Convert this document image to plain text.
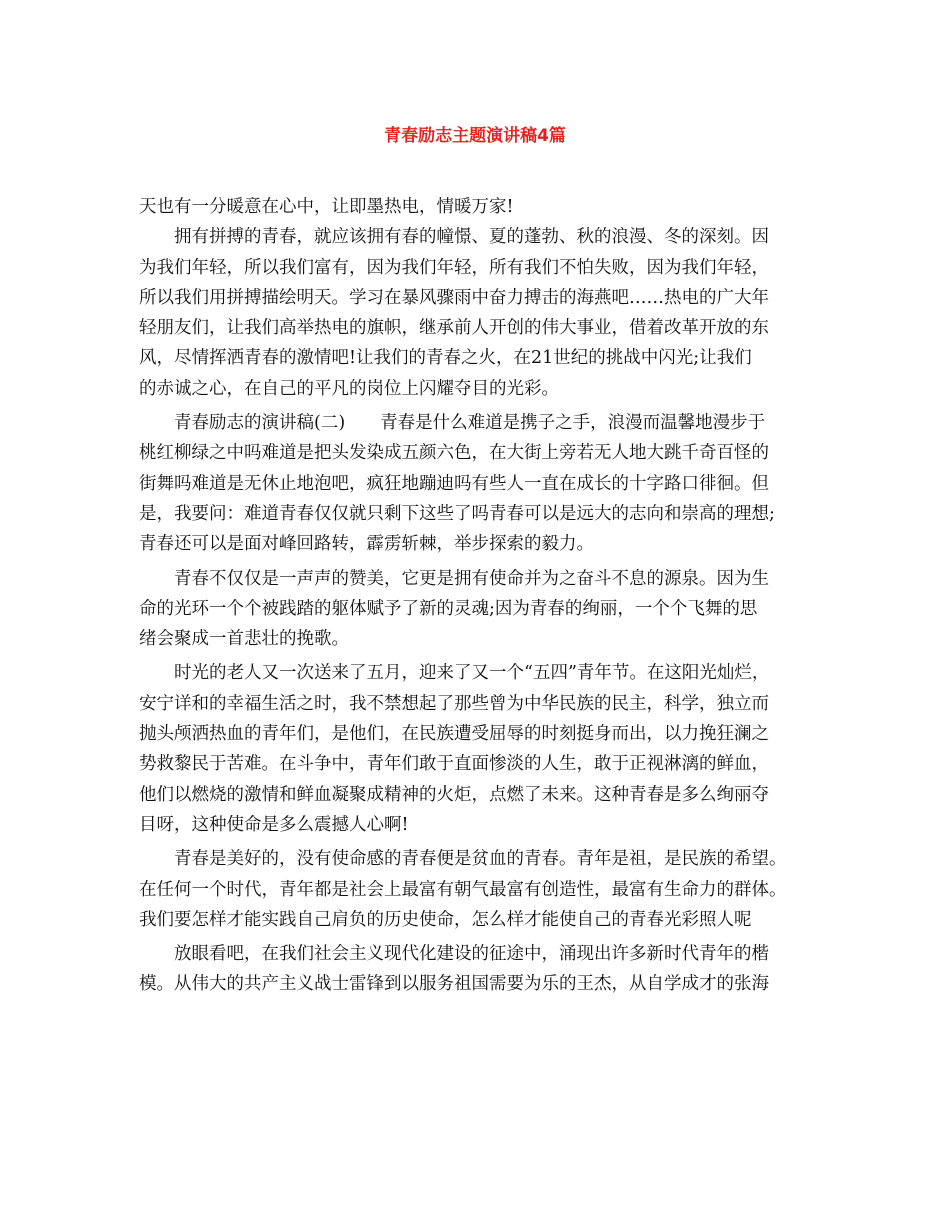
青春励志主题演讲稿4篇
天也有一分暖意在心中，让即墨热电，情暖万家!
拥有拼搏的青春，就应该拥有春的幢憬、夏的蓬勃、秋的浪漫、冬的深刻。因
为我们年轻，所以我们富有，因为我们年轻，所有我们不怕失败，因为我们年轻，
所以我们用拼搏描绘明天。学习在暴风骤雨中奋力搏击的海燕吧……热电的广大年
轻朋友们，让我们高举热电的旗帜，继承前人开创的伟大事业，借着改革开放的东
风，尽情挥洒青春的激情吧!让我们的青春之火，在21世纪的挑战中闪光;让我们
的赤诚之心，在自己的平凡的岗位上闪耀夺目的光彩。
青春励志的演讲稿(二)　　青春是什么难道是携子之手，浪漫而温馨地漫步于
桃红柳绿之中吗难道是把头发染成五颜六色，在大街上旁若无人地大跳千奇百怪的
街舞吗难道是无休止地泡吧，疯狂地蹦迪吗有些人一直在成长的十字路口徘徊。但
是，我要问：难道青春仅仅就只剩下这些了吗青春可以是远大的志向和崇高的理想;
青春还可以是面对峰回路转，霹雳斩棘，举步探索的毅力。
青春不仅仅是一声声的赞美，它更是拥有使命并为之奋斗不息的源泉。因为生
命的光环一个个被践踏的躯体赋予了新的灵魂;因为青春的绚丽，一个个飞舞的思
绪会聚成一首悲壮的挽歌。
时光的老人又一次送来了五月，迎来了又一个“五四”青年节。在这阳光灿烂，
安宁详和的幸福生活之时，我不禁想起了那些曾为中华民族的民主，科学，独立而
抛头颅洒热血的青年们，是他们，在民族遭受屈辱的时刻挺身而出，以力挽狂澜之
势救黎民于苦难。在斗争中，青年们敢于直面惨淡的人生，敢于正视淋漓的鲜血，
他们以燃烧的激情和鲜血凝聚成精神的火炬，点燃了未来。这种青春是多么绚丽夺
目呀，这种使命是多么震撼人心啊!
青春是美好的，没有使命感的青春便是贫血的青春。青年是祖，是民族的希望。
在任何一个时代，青年都是社会上最富有朝气最富有创造性，最富有生命力的群体。
我们要怎样才能实践自己肩负的历史使命，怎么样才能使自己的青春光彩照人呢
放眼看吧，在我们社会主义现代化建设的征途中，涌现出许多新时代青年的楷
模。从伟大的共产主义战士雷锋到以服务祖国需要为乐的王杰，从自学成才的张海
